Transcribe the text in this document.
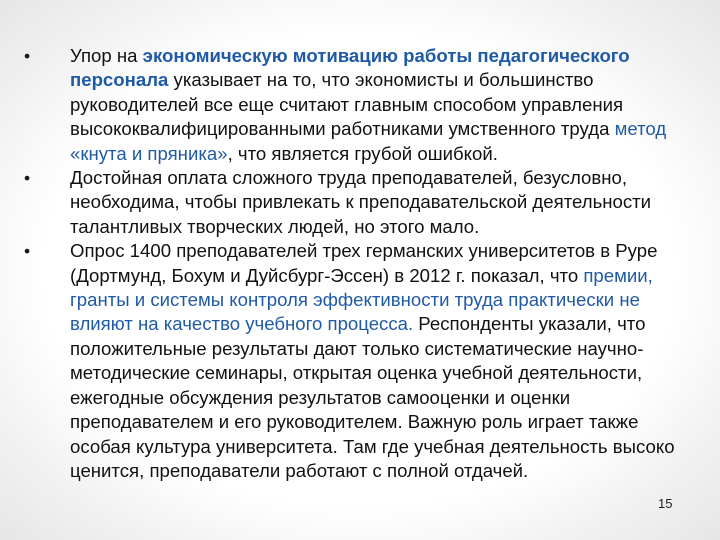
•	Упор на экономическую мотивацию работы педагогического персонала указывает на то, что экономисты и большинство руководителей все еще считают главным способом управления высококвалифицированными работниками умственного труда метод «кнута и пряника», что является грубой ошибкой.
•	Достойная оплата сложного труда преподавателей, безусловно, необходима, чтобы привлекать к преподавательской деятельности талантливых творческих людей, но этого мало.
•	Опрос 1400 преподавателей трех германских университетов в Руре (Дортмунд, Бохум и Дуйсбург-Эссен) в 2012 г. показал, что премии, гранты и системы контроля эффективности труда практически не влияют на качество учебного процесса. Респонденты указали, что положительные результаты дают только систематические научно-методические семинары, открытая оценка учебной деятельности, ежегодные обсуждения результатов самооценки и оценки преподавателем и его руководителем. Важную роль играет также особая культура университета. Там где учебная деятельность высоко ценится, преподаватели работают с полной отдачей.
15
